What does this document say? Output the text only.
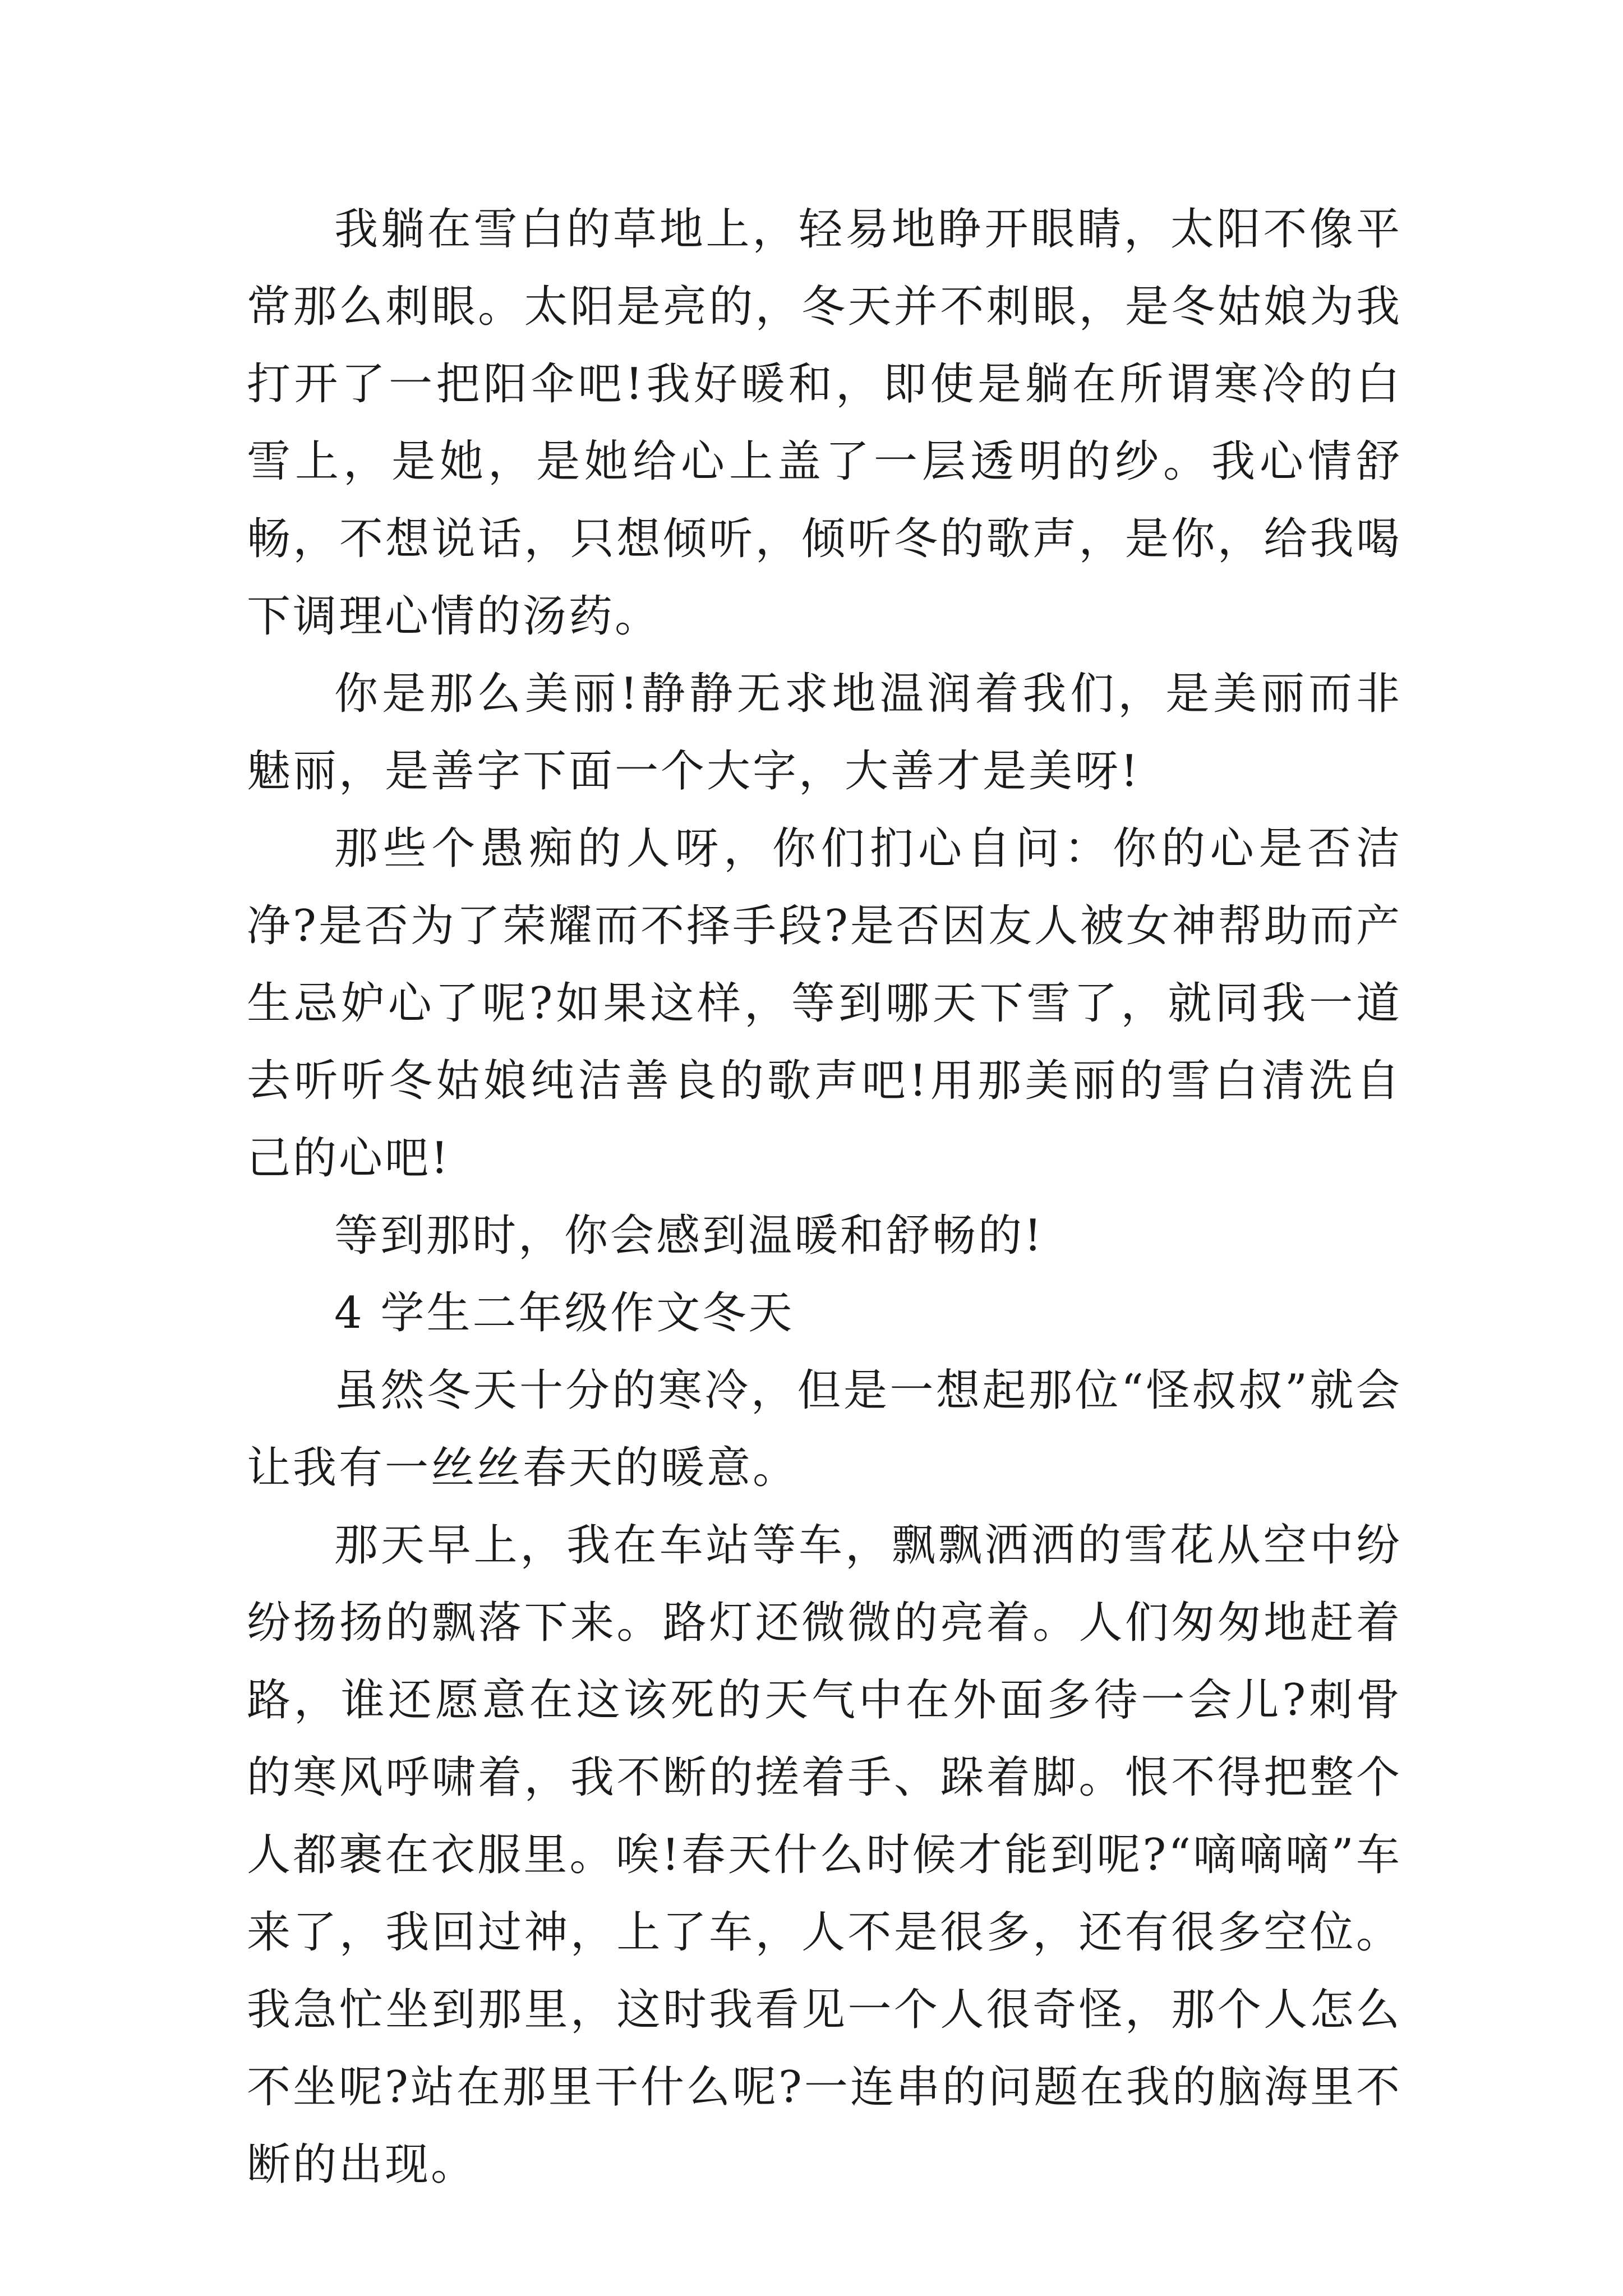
我躺在雪白的草地上，轻易地睁开眼睛，太阳不像平常那么刺眼。太阳是亮的，冬天并不刺眼，是冬姑娘为我打开了一把阳伞吧!我好暖和，即使是躺在所谓寒冷的白雪上，是她，是她给心上盖了一层透明的纱。我心情舒畅，不想说话，只想倾听，倾听冬的歌声，是你，给我喝下调理心情的汤药。

你是那么美丽!静静无求地温润着我们，是美丽而非魅丽，是善字下面一个大字，大善才是美呀!

那些个愚痴的人呀，你们扪心自问：你的心是否洁净?是否为了荣耀而不择手段?是否因友人被女神帮助而产生忌妒心了呢?如果这样，等到哪天下雪了，就同我一道去听听冬姑娘纯洁善良的歌声吧!用那美丽的雪白清洗自己的心吧!

等到那时，你会感到温暖和舒畅的!

4 学生二年级作文冬天

虽然冬天十分的寒冷，但是一想起那位“怪叔叔”就会让我有一丝丝春天的暖意。

那天早上，我在车站等车，飘飘洒洒的雪花从空中纷纷扬扬的飘落下来。路灯还微微的亮着。人们匆匆地赶着路，谁还愿意在这该死的天气中在外面多待一会儿?刺骨的寒风呼啸着，我不断的搓着手、跺着脚。恨不得把整个人都裹在衣服里。唉!春天什么时候才能到呢?“嘀嘀嘀”车来了，我回过神，上了车，人不是很多，还有很多空位。我急忙坐到那里，这时我看见一个人很奇怪，那个人怎么不坐呢?站在那里干什么呢?一连串的问题在我的脑海里不断的出现。
